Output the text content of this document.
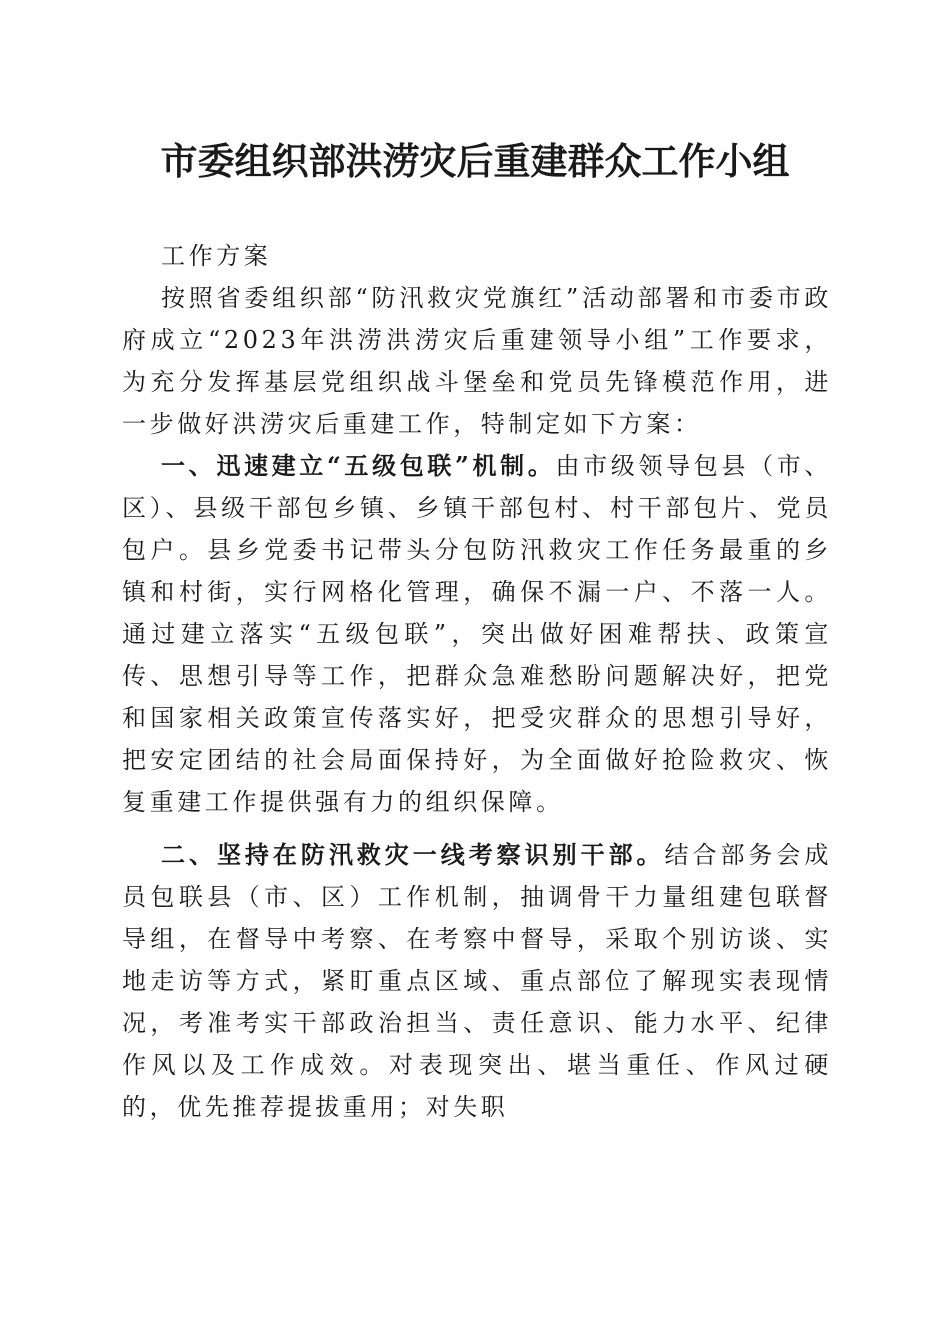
市委组织部洪涝灾后重建群众工作小组

工作方案

按照省委组织部“防汛救灾党旗红”活动部署和市委市政府成立“2023年洪涝洪涝灾后重建领导小组”工作要求，为充分发挥基层党组织战斗堡垒和党员先锋模范作用，进一步做好洪涝灾后重建工作，特制定如下方案：

一、迅速建立“五级包联”机制。由市级领导包县（市、区）、县级干部包乡镇、乡镇干部包村、村干部包片、党员包户。县乡党委书记带头分包防汛救灾工作任务最重的乡镇和村街，实行网格化管理，确保不漏一户、不落一人。通过建立落实“五级包联”，突出做好困难帮扶、政策宣传、思想引导等工作，把群众急难愁盼问题解决好，把党和国家相关政策宣传落实好，把受灾群众的思想引导好，把安定团结的社会局面保持好，为全面做好抢险救灾、恢复重建工作提供强有力的组织保障。

二、坚持在防汛救灾一线考察识别干部。结合部务会成员包联县（市、区）工作机制，抽调骨干力量组建包联督导组，在督导中考察、在考察中督导，采取个别访谈、实地走访等方式，紧盯重点区域、重点部位了解现实表现情况，考准考实干部政治担当、责任意识、能力水平、纪律作风以及工作成效。对表现突出、堪当重任、作风过硬的，优先推荐提拔重用；对失职
